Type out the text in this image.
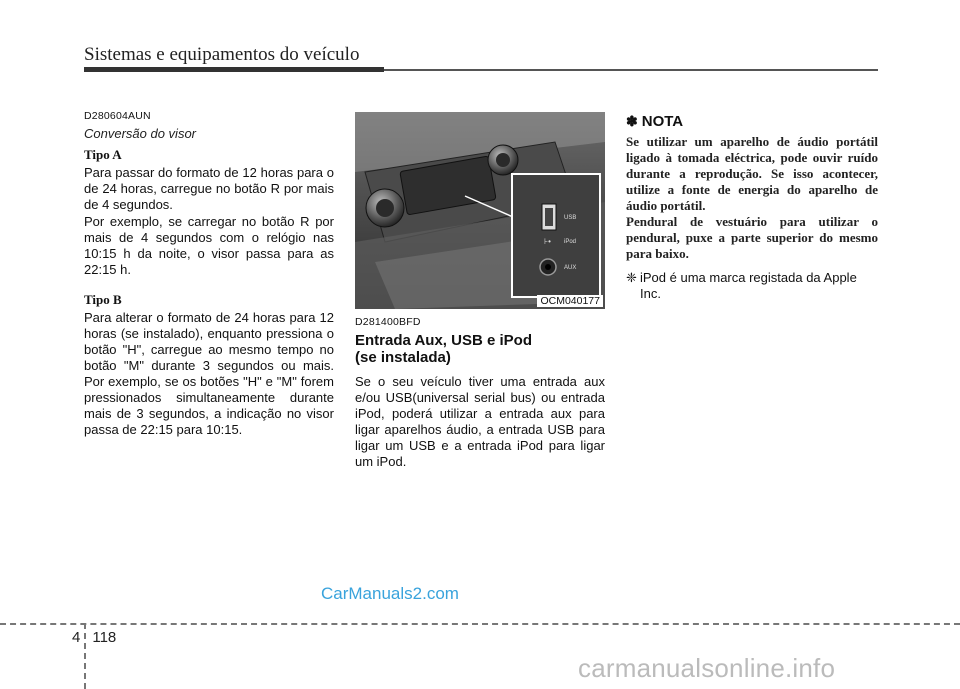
Sistemas e equipamentos do veículo
D280604AUN
Conversão do visor
Tipo A

Para passar do formato de 12 horas para o de 24 horas, carregue no botão R por mais de 4 segundos.

Por exemplo, se carregar no botão R por mais de 4 segundos com o relógio nas 10:15 h da noite, o visor passa para as 22:15 h.

Tipo B

Para alterar o formato de 24 horas para 12 horas (se instalado), enquanto pressiona o botão "H", carregue ao mesmo tempo no botão "M" durante 3 segundos ou mais. Por exemplo, se os botões "H" e "M" forem pressionados simultaneamente durante mais de 3 segundos, a indicação no visor passa de 22:15 para 10:15.

⊦•
USB
iPod
AUX
OCM040177
D281400BFD
Entrada Aux, USB e iPod
(se instalada)

Se o seu veículo tiver uma entrada aux e/ou USB(universal serial bus) ou entrada iPod, poderá utilizar a entrada aux para ligar aparelhos áudio, a entrada USB para ligar um USB e a entrada iPod para ligar um iPod.

✽ NOTA

Se utilizar um aparelho de áudio portátil ligado à tomada eléctrica, pode ouvir ruído durante a reprodução. Se isso acontecer, utilize a fonte de energia do aparelho de áudio portátil.

Pendural de vestuário para utilizar o pendural, puxe a parte superior do mesmo para baixo.

❈ iPod é uma marca registada da Apple Inc.
CarManuals2.com
4 118
carmanualsonline.info
